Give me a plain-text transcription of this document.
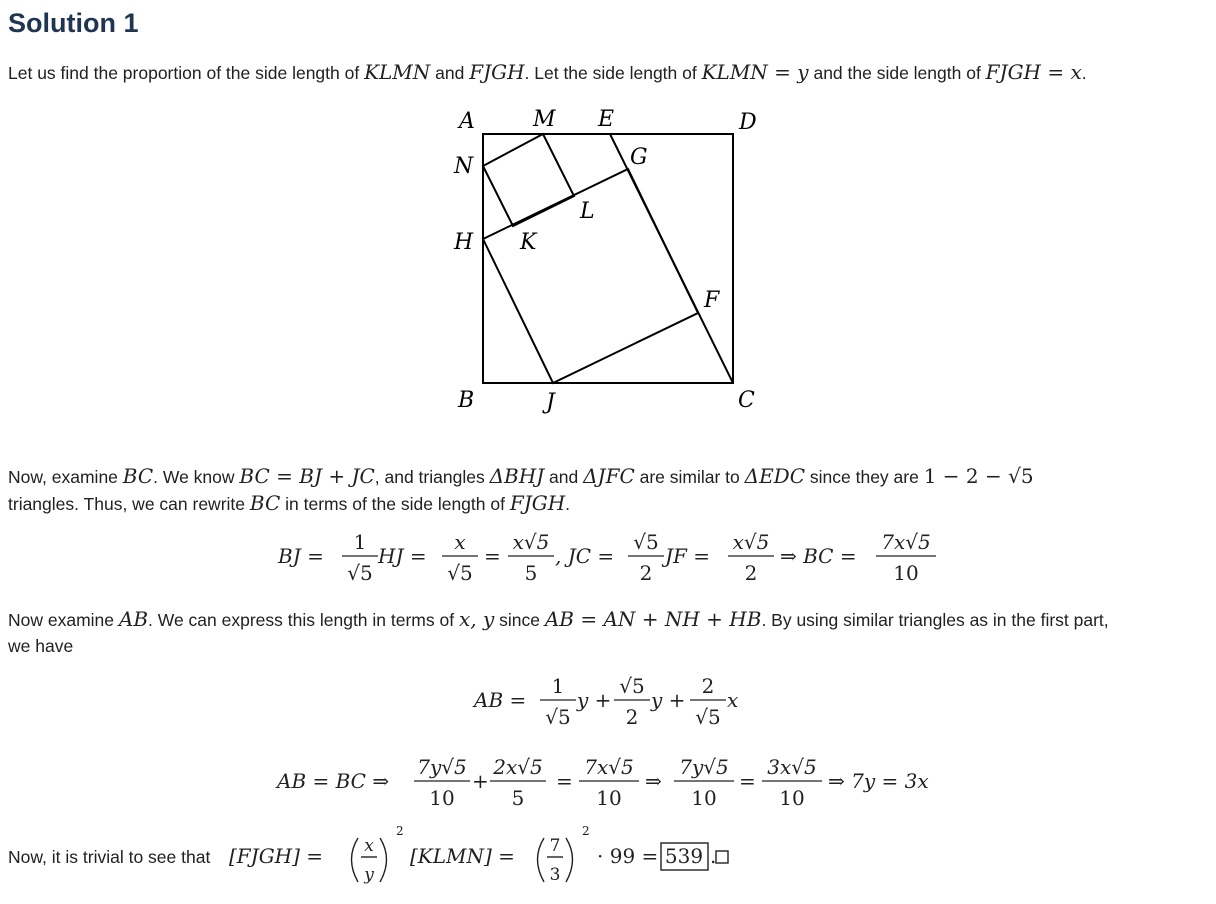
Solution 1
Let us find the proportion of the side length of KLMN and FJGH. Let the side length of KLMN = y and the side length of FJGH = x.
A	M E	D
N	G
L
H K
F
B	J	C
Now, examine BC. We know BC = BJ + JC, and triangles ΔBHJ and ΔJFC are similar to ΔEDC since they are 1 − 2 − √5
triangles. Thus, we can rewrite BC in terms of the side length of FJGH.
BJ =
1
√5
HJ =
x
√5
=
x√5
5
, JC =
√5
2
JF =
x√5
2
⇒ BC =
7x√5
10
Now examine AB. We can express this length in terms of x, y since AB = AN + NH + HB. By using similar triangles as in the first part,
we have
AB =
1
√5
y +
√5
2
y +
2
√5
x
AB = BC ⇒
7y√5
10
+
2x√5
5
=
7x√5
10
⇒
7y√5
10
=
3x√5
10
⇒ 7y = 3x
Now, it is trivial to see that [FJGH] = x
y
2
[KLMN] = 7
3
2
· 99 = 539 .
